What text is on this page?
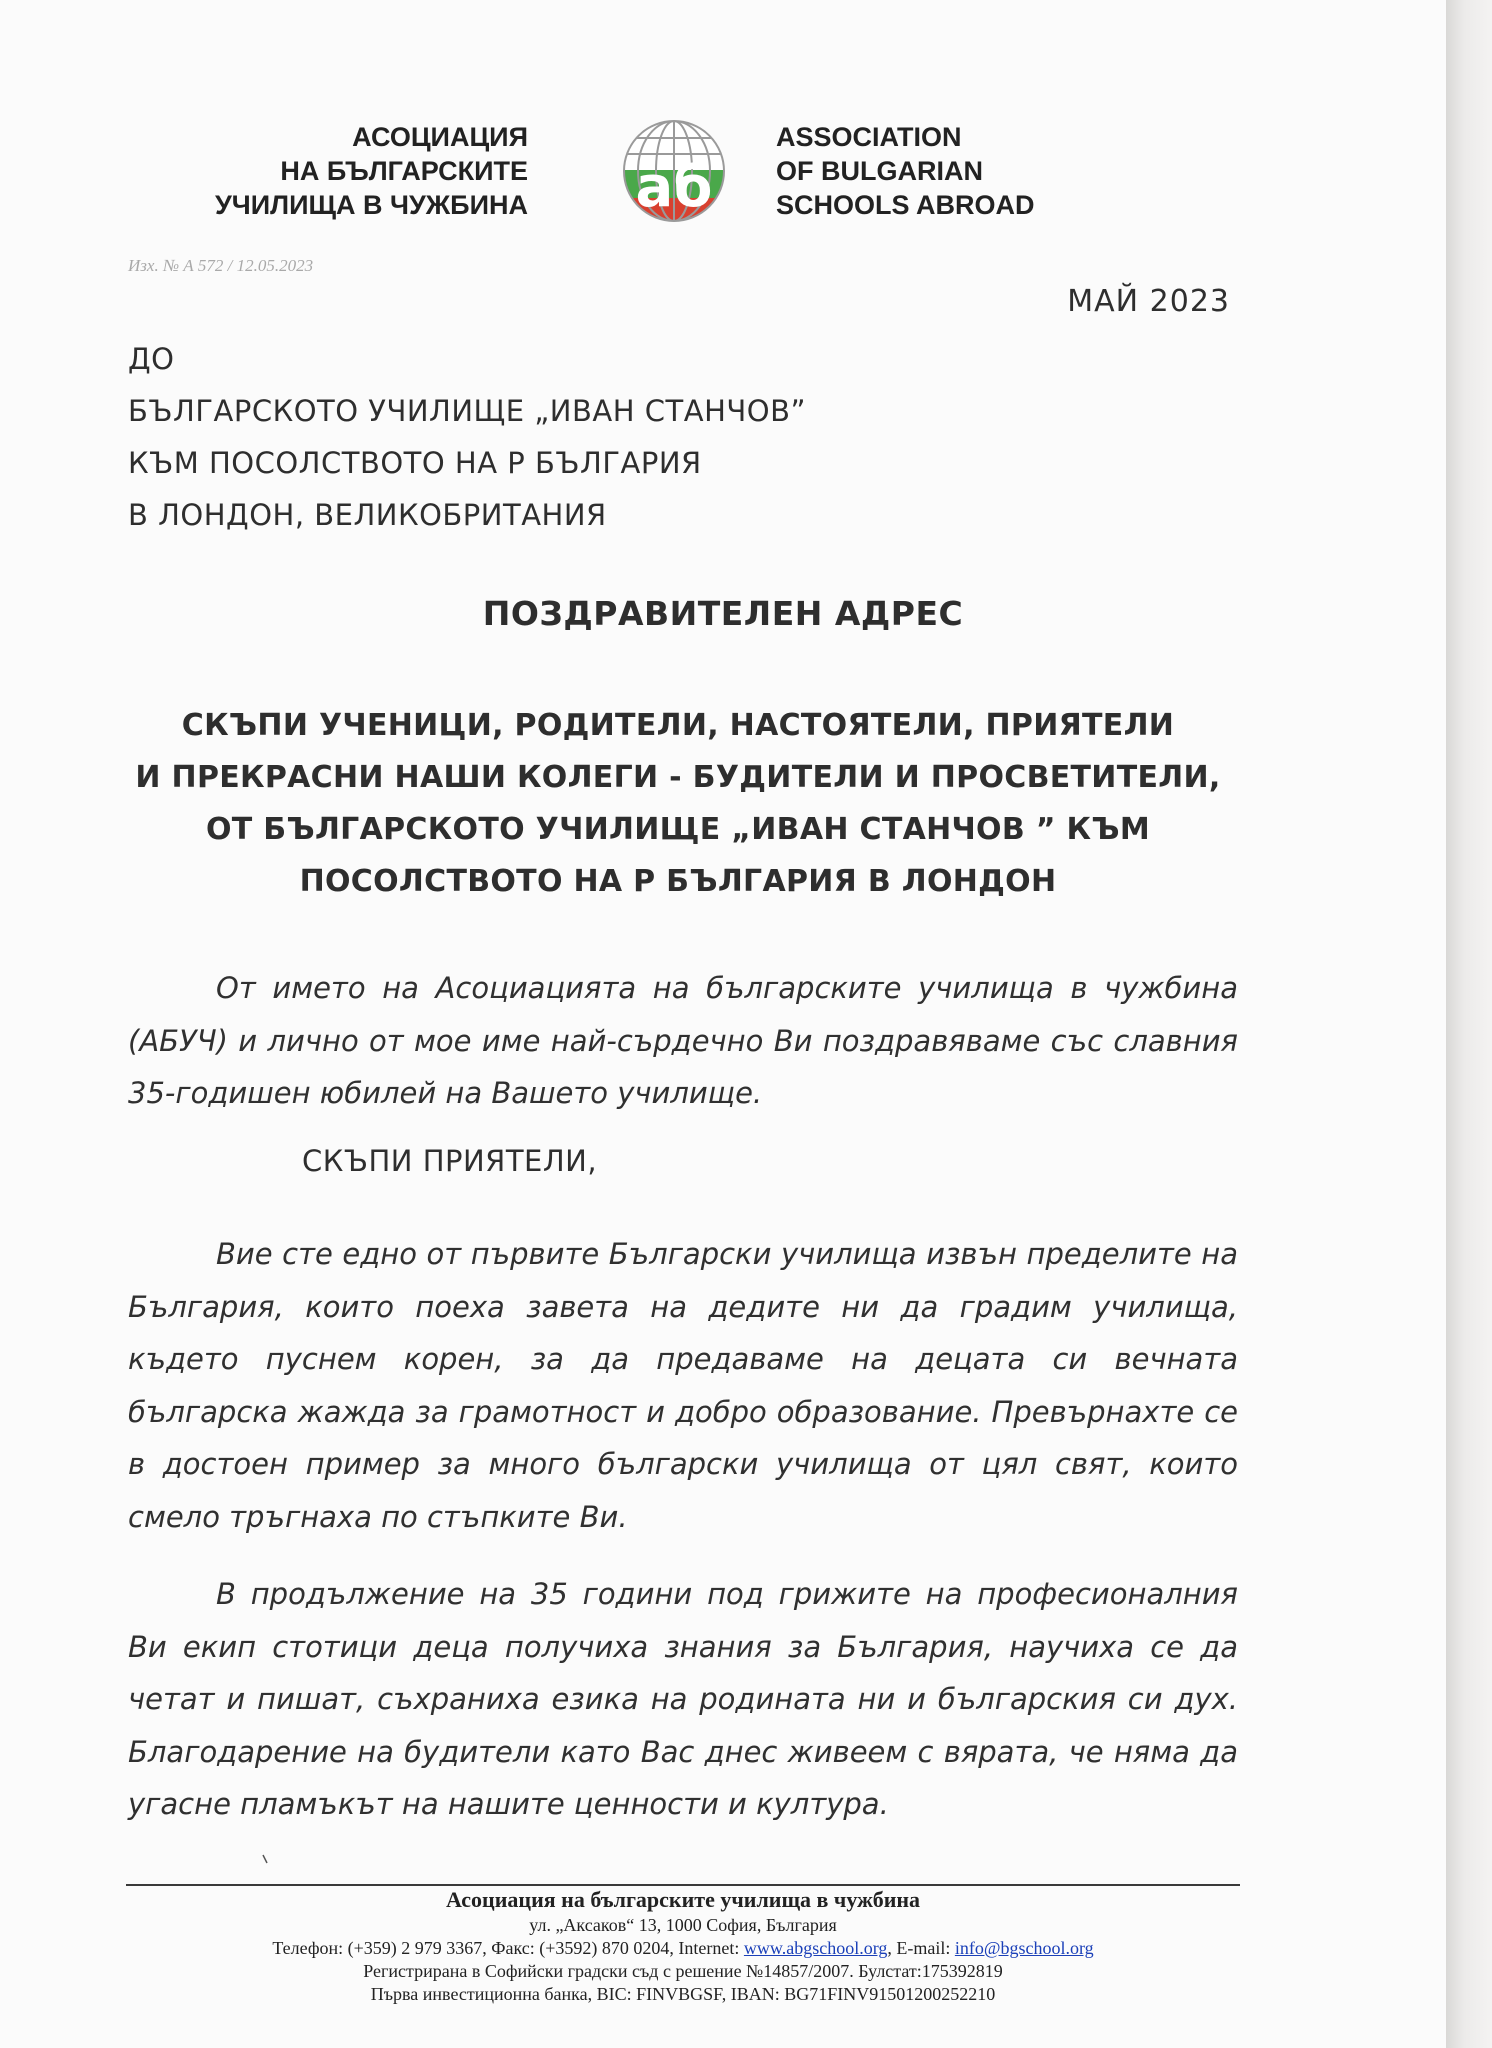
АСОЦИАЦИЯ
НА БЪЛГАРСКИТЕ
УЧИЛИЩА В ЧУЖБИНА аб
ASSOCIATION
OF BULGARIAN
SCHOOLS ABROAD
Изх. № А 572 / 12.05.2023
МАЙ 2023
ДО
БЪЛГАРСКОТО УЧИЛИЩЕ „ИВАН СТАНЧОВ”
КЪМ ПОСОЛСТВОТО НА Р БЪЛГАРИЯ
В ЛОНДОН, ВЕЛИКОБРИТАНИЯ
ПОЗДРАВИТЕЛЕН АДРЕС
СКЪПИ УЧЕНИЦИ, РОДИТЕЛИ, НАСТОЯТЕЛИ, ПРИЯТЕЛИ
И ПРЕКРАСНИ НАШИ КОЛЕГИ - БУДИТЕЛИ И ПРОСВЕТИТЕЛИ,
ОТ БЪЛГАРСКОТО УЧИЛИЩЕ „ИВАН СТАНЧОВ ” КЪМ
ПОСОЛСТВОТО НА Р БЪЛГАРИЯ В ЛОНДОН
От името на Асоциацията на българските училища в чужбина (АБУЧ) и лично от мое име най-сърдечно Ви поздравяваме със славния 35-годишен юбилей на Вашето училище.
СКЪПИ ПРИЯТЕЛИ,
Вие сте едно от първите Български училища извън пределите на България, които поеха завета на дедите ни да градим училища, където пуснем корен, за да предаваме на децата си вечната българска жажда за грамотност и добро образование. Превърнахте се в достоен пример за много български училища от цял свят, които смело тръгнаха по стъпките Ви.
В продължение на 35 години под грижите на професионалния Ви екип стотици деца получиха знания за България, научиха се да четат и пишат, съхраниха езика на родината ни и българския си дух. Благодарение на будители като Вас днес живеем с вярата, че няма да угасне пламъкът на нашите ценности и култура.
Асоциация на българските училища в чужбина
ул. „Аксаков“ 13, 1000 София, България
Телефон: (+359) 2 979 3367, Факс: (+3592) 870 0204, Internet: www.abgschool.org, E-mail: info@bgschool.org
Регистрирана в Софийски градски съд с решение №14857/2007. Булстат:175392819
Първа инвестиционна банка, BIC: FINVBGSF, IBAN: BG71FINV91501200252210
